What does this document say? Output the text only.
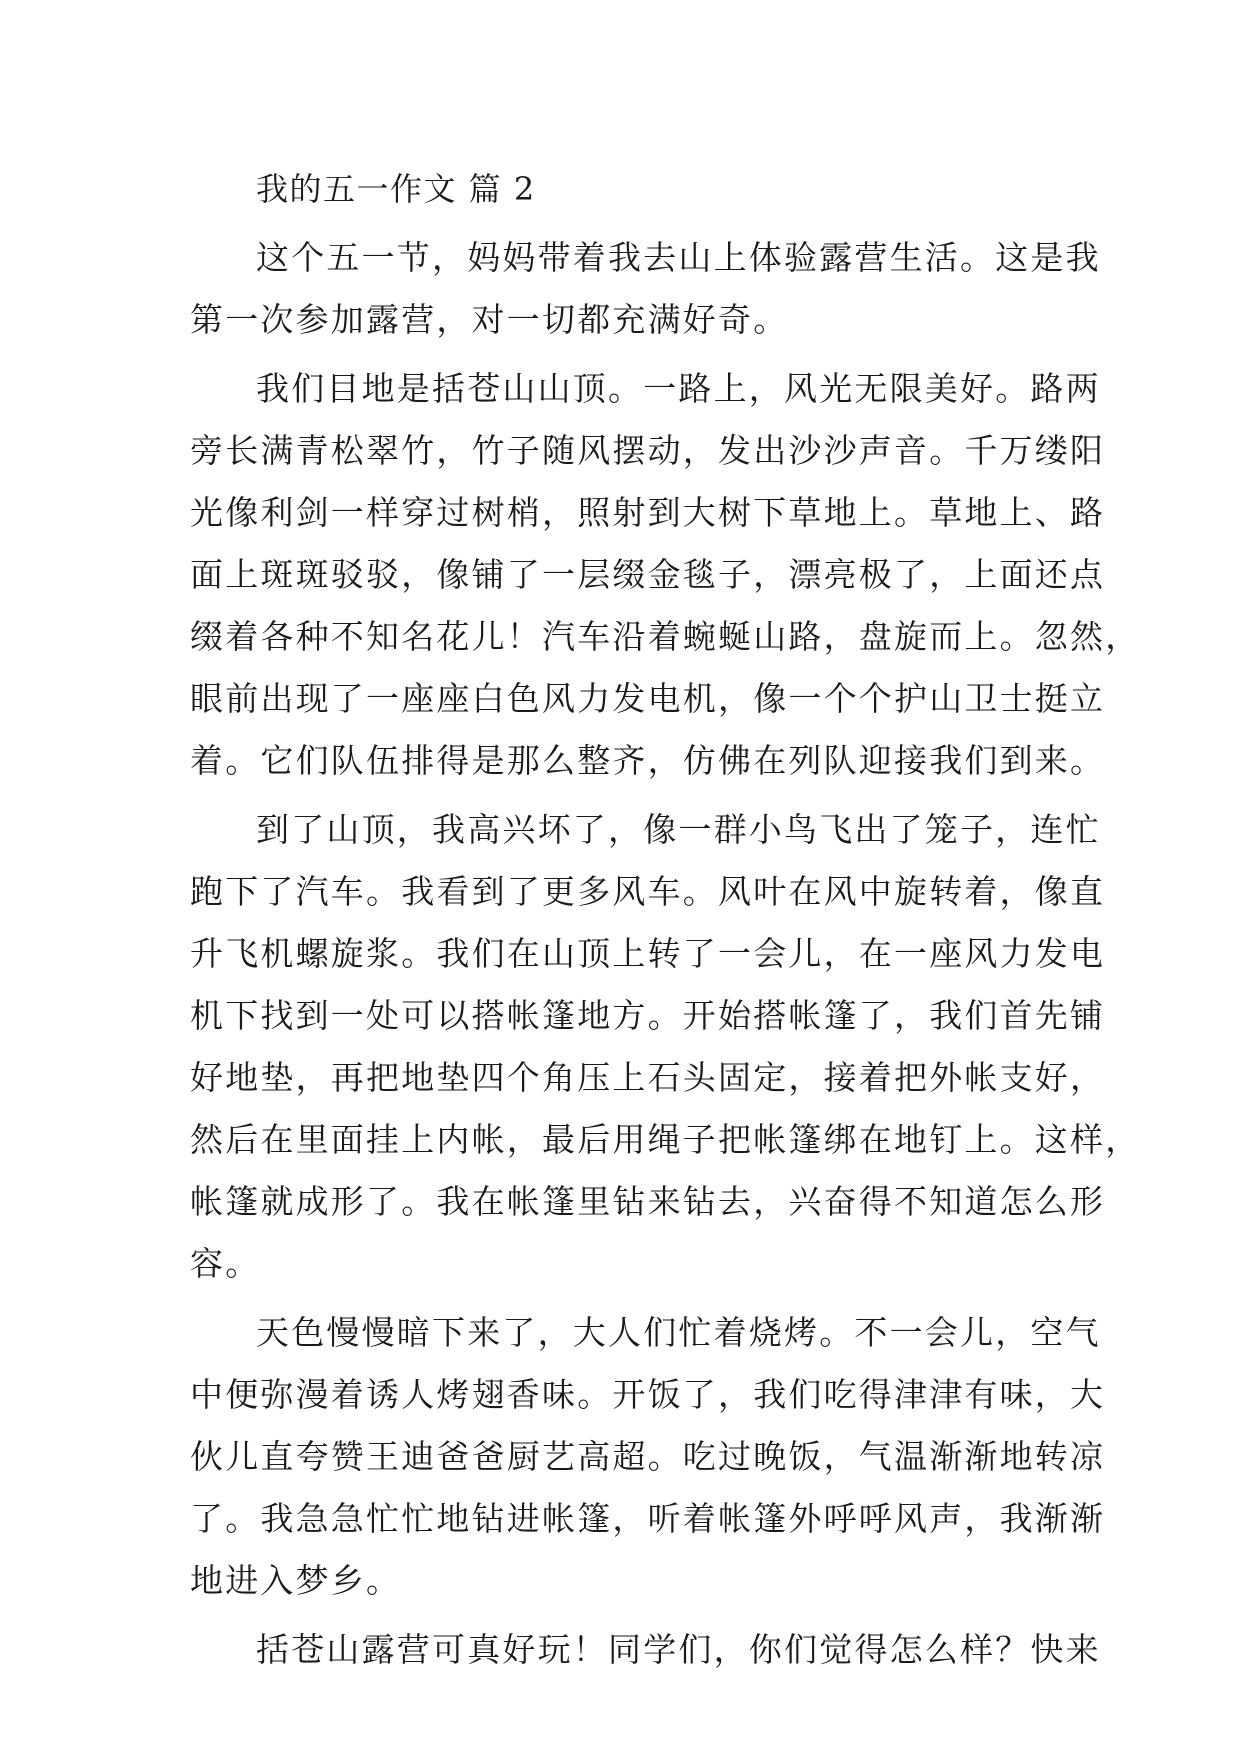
我的五一作文 篇 2
这个五一节，妈妈带着我去山上体验露营生活。这是我
第一次参加露营，对一切都充满好奇。
我们目地是括苍山山顶。一路上，风光无限美好。路两
旁长满青松翠竹，竹子随风摆动，发出沙沙声音。千万缕阳
光像利剑一样穿过树梢，照射到大树下草地上。草地上、路
面上斑斑驳驳，像铺了一层缀金毯子，漂亮极了，上面还点
缀着各种不知名花儿！汽车沿着蜿蜒山路，盘旋而上。忽然，
眼前出现了一座座白色风力发电机，像一个个护山卫士挺立
着。它们队伍排得是那么整齐，仿佛在列队迎接我们到来。
到了山顶，我高兴坏了，像一群小鸟飞出了笼子，连忙
跑下了汽车。我看到了更多风车。风叶在风中旋转着，像直
升飞机螺旋浆。我们在山顶上转了一会儿，在一座风力发电
机下找到一处可以搭帐篷地方。开始搭帐篷了，我们首先铺
好地垫，再把地垫四个角压上石头固定，接着把外帐支好，
然后在里面挂上内帐，最后用绳子把帐篷绑在地钉上。这样，
帐篷就成形了。我在帐篷里钻来钻去，兴奋得不知道怎么形
容。
天色慢慢暗下来了，大人们忙着烧烤。不一会儿，空气
中便弥漫着诱人烤翅香味。开饭了，我们吃得津津有味，大
伙儿直夸赞王迪爸爸厨艺高超。吃过晚饭，气温渐渐地转凉
了。我急急忙忙地钻进帐篷，听着帐篷外呼呼风声，我渐渐
地进入梦乡。
括苍山露营可真好玩！同学们，你们觉得怎么样？快来
